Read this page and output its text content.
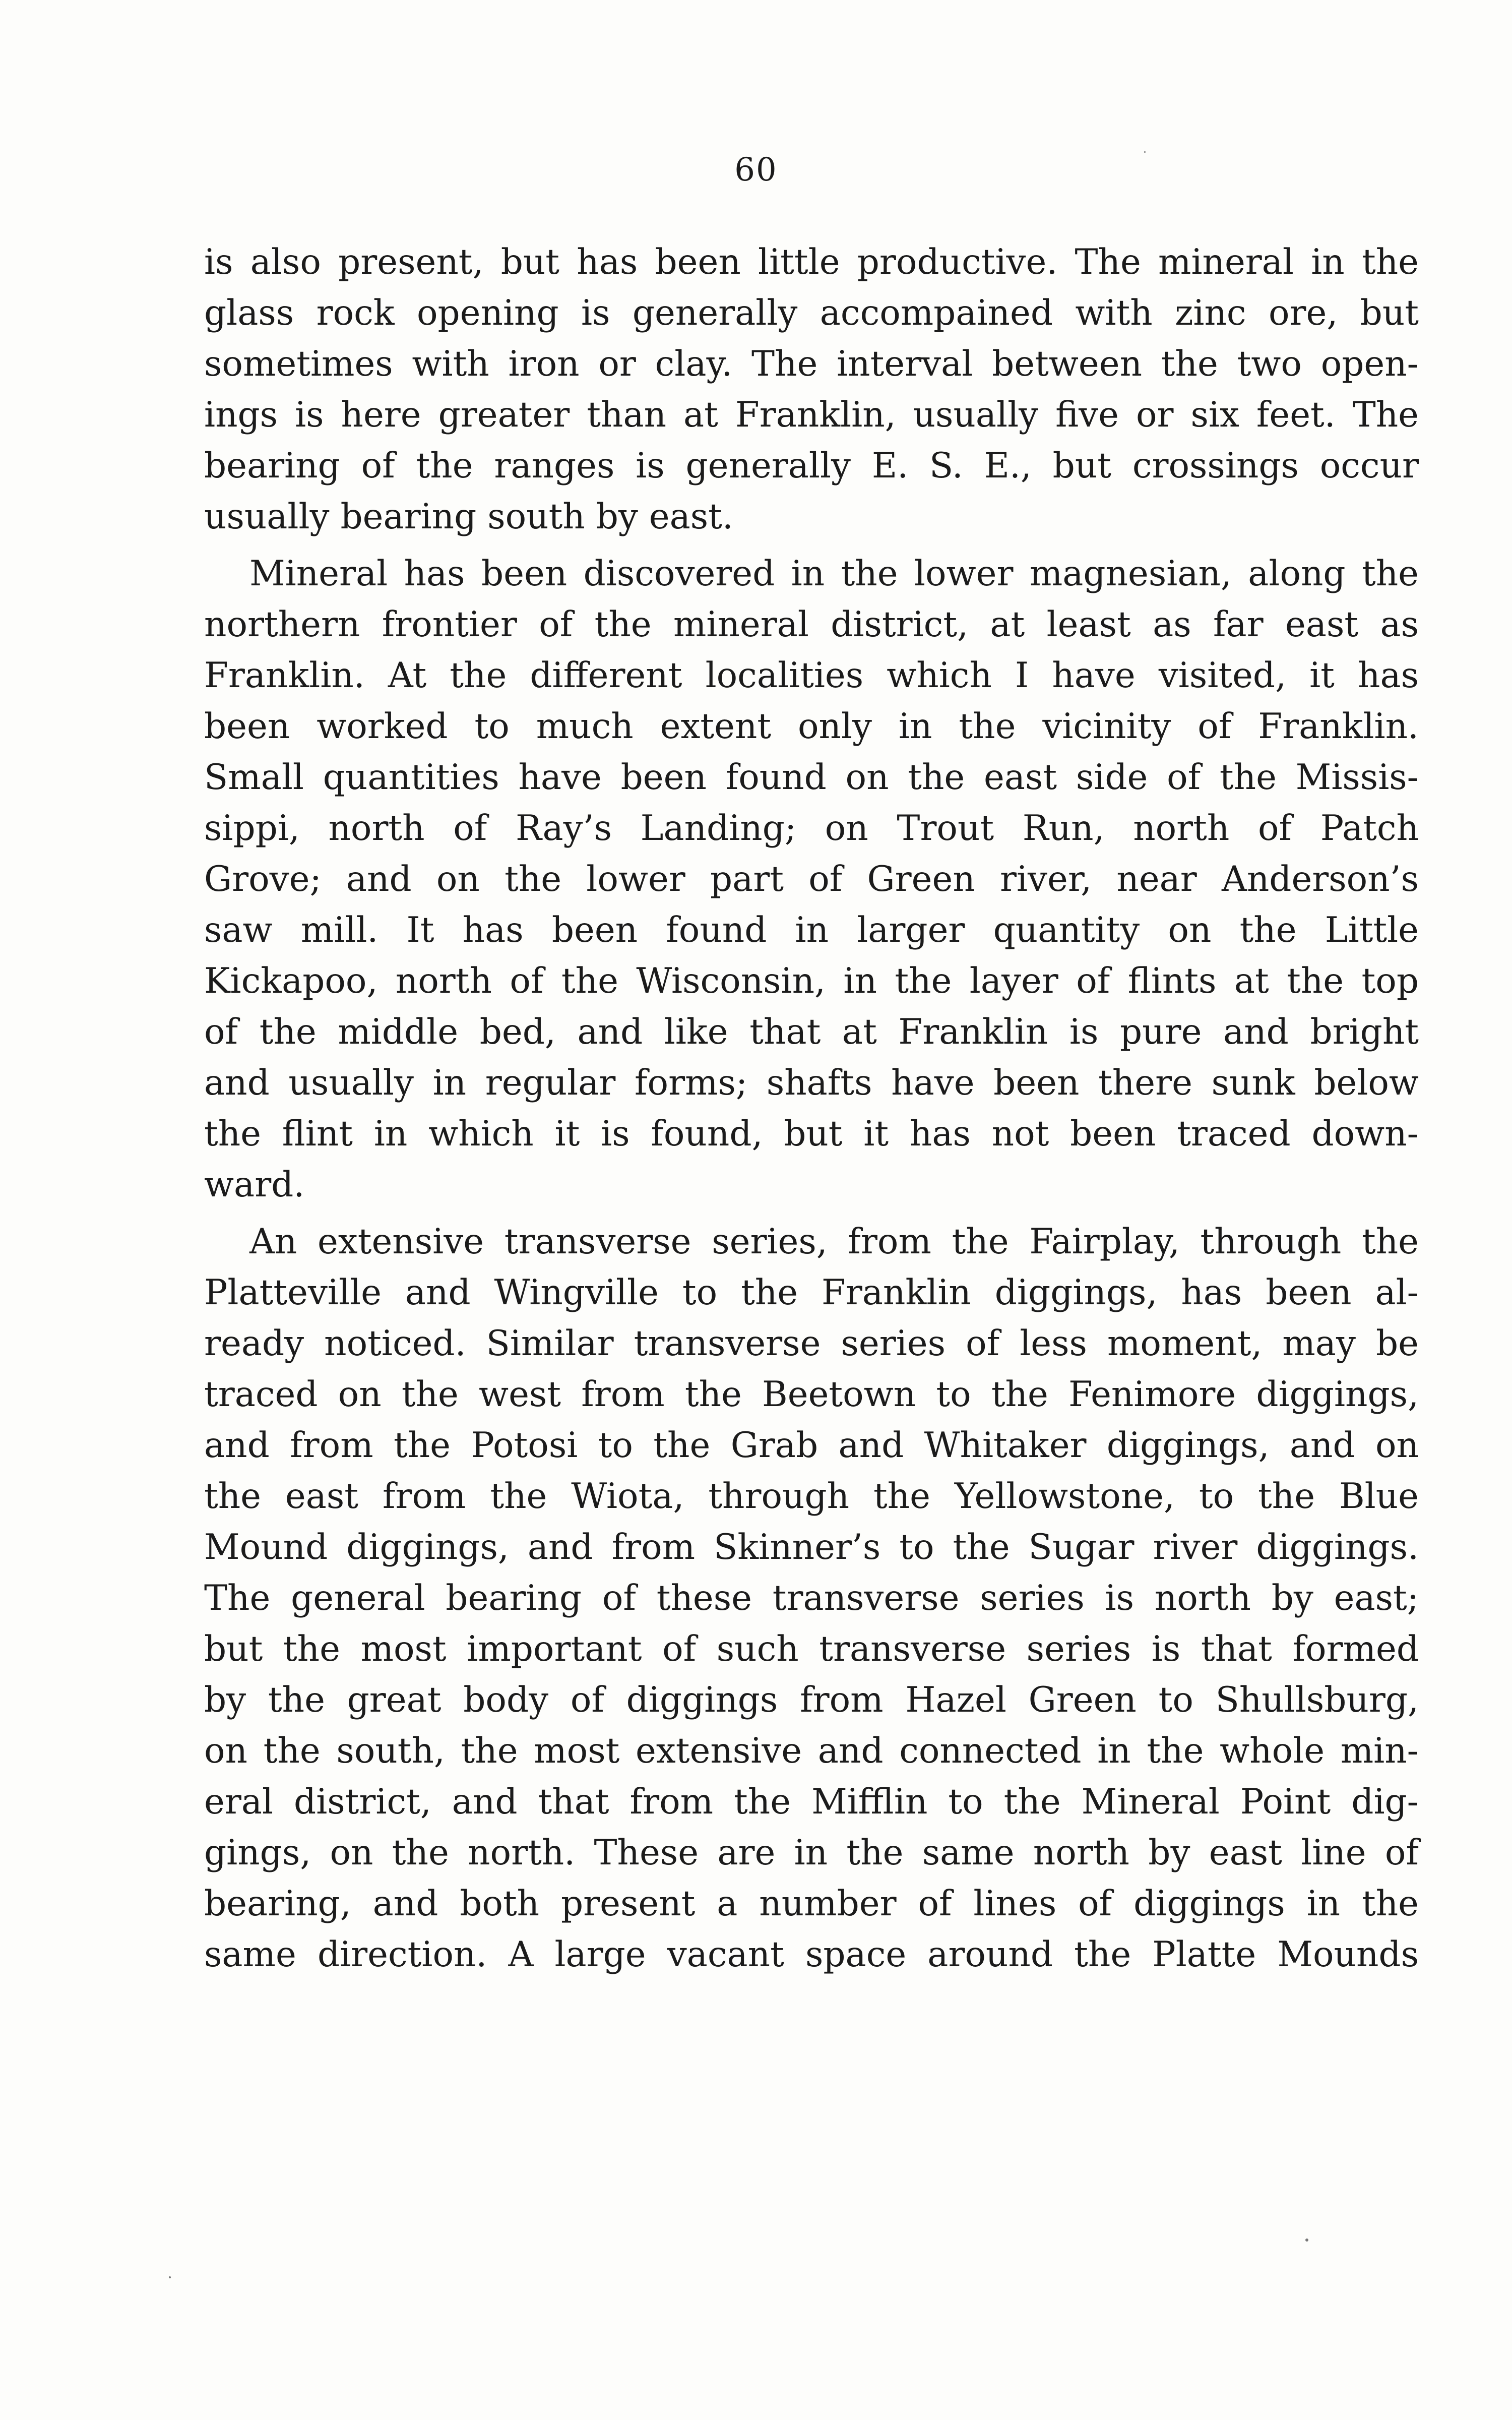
60
is also present, but has been little productive. The mineral in the
glass rock opening is generally accompained with zinc ore, but
sometimes with iron or clay. The interval between the two open-
ings is here greater than at Franklin, usually five or six feet. The
bearing of the ranges is generally E. S. E., but crossings occur
usually bearing south by east.
Mineral has been discovered in the lower magnesian, along the
northern frontier of the mineral district, at least as far east as
Franklin. At the different localities which I have visited, it has
been worked to much extent only in the vicinity of Franklin.
Small quantities have been found on the east side of the Missis-
sippi, north of Ray’s Landing; on Trout Run, north of Patch
Grove; and on the lower part of Green river, near Anderson’s
saw mill. It has been found in larger quantity on the Little
Kickapoo, north of the Wisconsin, in the layer of flints at the top
of the middle bed, and like that at Franklin is pure and bright
and usually in regular forms; shafts have been there sunk below
the flint in which it is found, but it has not been traced down-
ward.
An extensive transverse series, from the Fairplay, through the
Platteville and Wingville to the Franklin diggings, has been al-
ready noticed. Similar transverse series of less moment, may be
traced on the west from the Beetown to the Fenimore diggings,
and from the Potosi to the Grab and Whitaker diggings, and on
the east from the Wiota, through the Yellowstone, to the Blue
Mound diggings, and from Skinner’s to the Sugar river diggings.
The general bearing of these transverse series is north by east;
but the most important of such transverse series is that formed
by the great body of diggings from Hazel Green to Shullsburg,
on the south, the most extensive and connected in the whole min-
eral district, and that from the Mifflin to the Mineral Point dig-
gings, on the north. These are in the same north by east line of
bearing, and both present a number of lines of diggings in the
same direction. A large vacant space around the Platte Mounds
